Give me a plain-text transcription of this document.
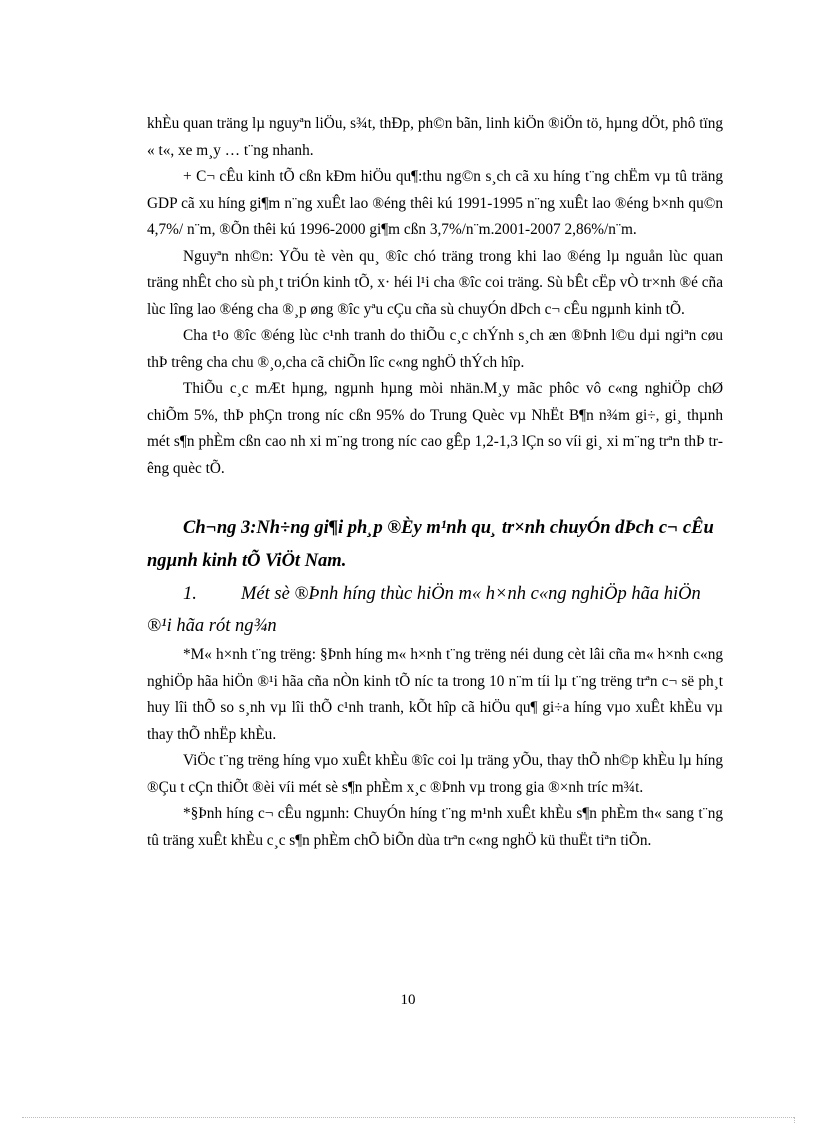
khÈu quan träng lµ nguyªn liÖu, s¾t, thÐp, ph©n bãn, linh kiÖn ®iÖn tö, hµng dÖt, phô tïng « t«, xe m¸y … t¨ng nhanh.

+ C¬ cÊu kinh tÕ cßn kÐm hiÖu qu¶:thu ng©n s¸ch cã xu híng t¨ng chËm vµ tû träng GDP cã xu híng gi¶m n¨ng xuÊt lao ®éng thêi kú 1991-1995 n¨ng xuÊt lao ®éng b×nh qu©n 4,7%/ n¨m, ®Õn thêi kú 1996-2000 gi¶m cßn 3,7%/n¨m.2001-2007 2,86%/n¨m.

Nguyªn nh©n: YÕu tè vèn qu¸ ®îc chó träng trong khi lao ®éng lµ nguån lùc quan träng nhÊt cho sù ph¸t triÓn kinh tÕ, x· héi l¹i cha ®îc coi träng. Sù bÊt cËp vÒ tr×nh ®é cña lùc lîng lao ®éng cha ®¸p øng ®îc yªu cÇu cña sù chuyÓn dÞch c¬ cÊu ngµnh kinh tÕ.

Cha t¹o ®îc ®éng lùc c¹nh tranh do thiÕu c¸c chÝnh s¸ch æn ®Þnh l©u dµi ngiªn cøu thÞ trêng cha chu ®¸o,cha cã chiÕn lîc c«ng nghÖ thÝch hîp.

ThiÕu c¸c mÆt hµng, ngµnh hµng mòi nhän.M¸y mãc phôc vô c«ng nghiÖp chØ chiÕm 5%, thÞ phÇn trong níc cßn 95% do Trung Quèc vµ NhËt B¶n n¾m gi÷, gi¸ thµnh mét s¶n phÈm cßn cao nh xi m¨ng trong níc cao gÊp 1,2-1,3 lÇn so víi gi¸ xi m¨ng trªn thÞ trêng quèc tÕ.

Ch¬ng 3:Nh÷ng gi¶i ph¸p ®Èy m¹nh qu¸ tr×nh chuyÓn dÞch c¬ cÊu ngµnh kinh tÕ ViÖt Nam.
1. Mét sè ®Þnh híng thùc hiÖn m« h×nh c«ng nghiÖp hãa hiÖn ®¹i hãa rót ng¾n

*M« h×nh t¨ng trëng: §Þnh híng m« h×nh t¨ng trëng néi dung cèt lâi cña m« h×nh c«ng nghiÖp hãa hiÖn ®¹i hãa cña nÒn kinh tÕ níc ta trong 10 n¨m tíi lµ t¨ng trëng trªn c¬ së ph¸t huy lîi thÕ so s¸nh vµ lîi thÕ c¹nh tranh, kÕt hîp cã hiÖu qu¶ gi÷a híng vµo xuÊt khÈu vµ thay thÕ nhËp khÈu.

ViÖc t¨ng trëng híng vµo xuÊt khÈu ®îc coi lµ träng yÕu, thay thÕ nh©p khÈu lµ híng ®Çu t cÇn thiÕt ®èi víi mét sè s¶n phÈm x¸c ®Þnh vµ trong gia ®×nh tríc m¾t.

*§Þnh híng c¬ cÊu ngµnh: ChuyÓn híng t¨ng m¹nh xuÊt khÈu s¶n phÈm th« sang t¨ng tû träng xuÊt khÈu c¸c s¶n phÈm chÕ biÕn dùa trªn c«ng nghÖ kü thuËt tiªn tiÕn.

10
